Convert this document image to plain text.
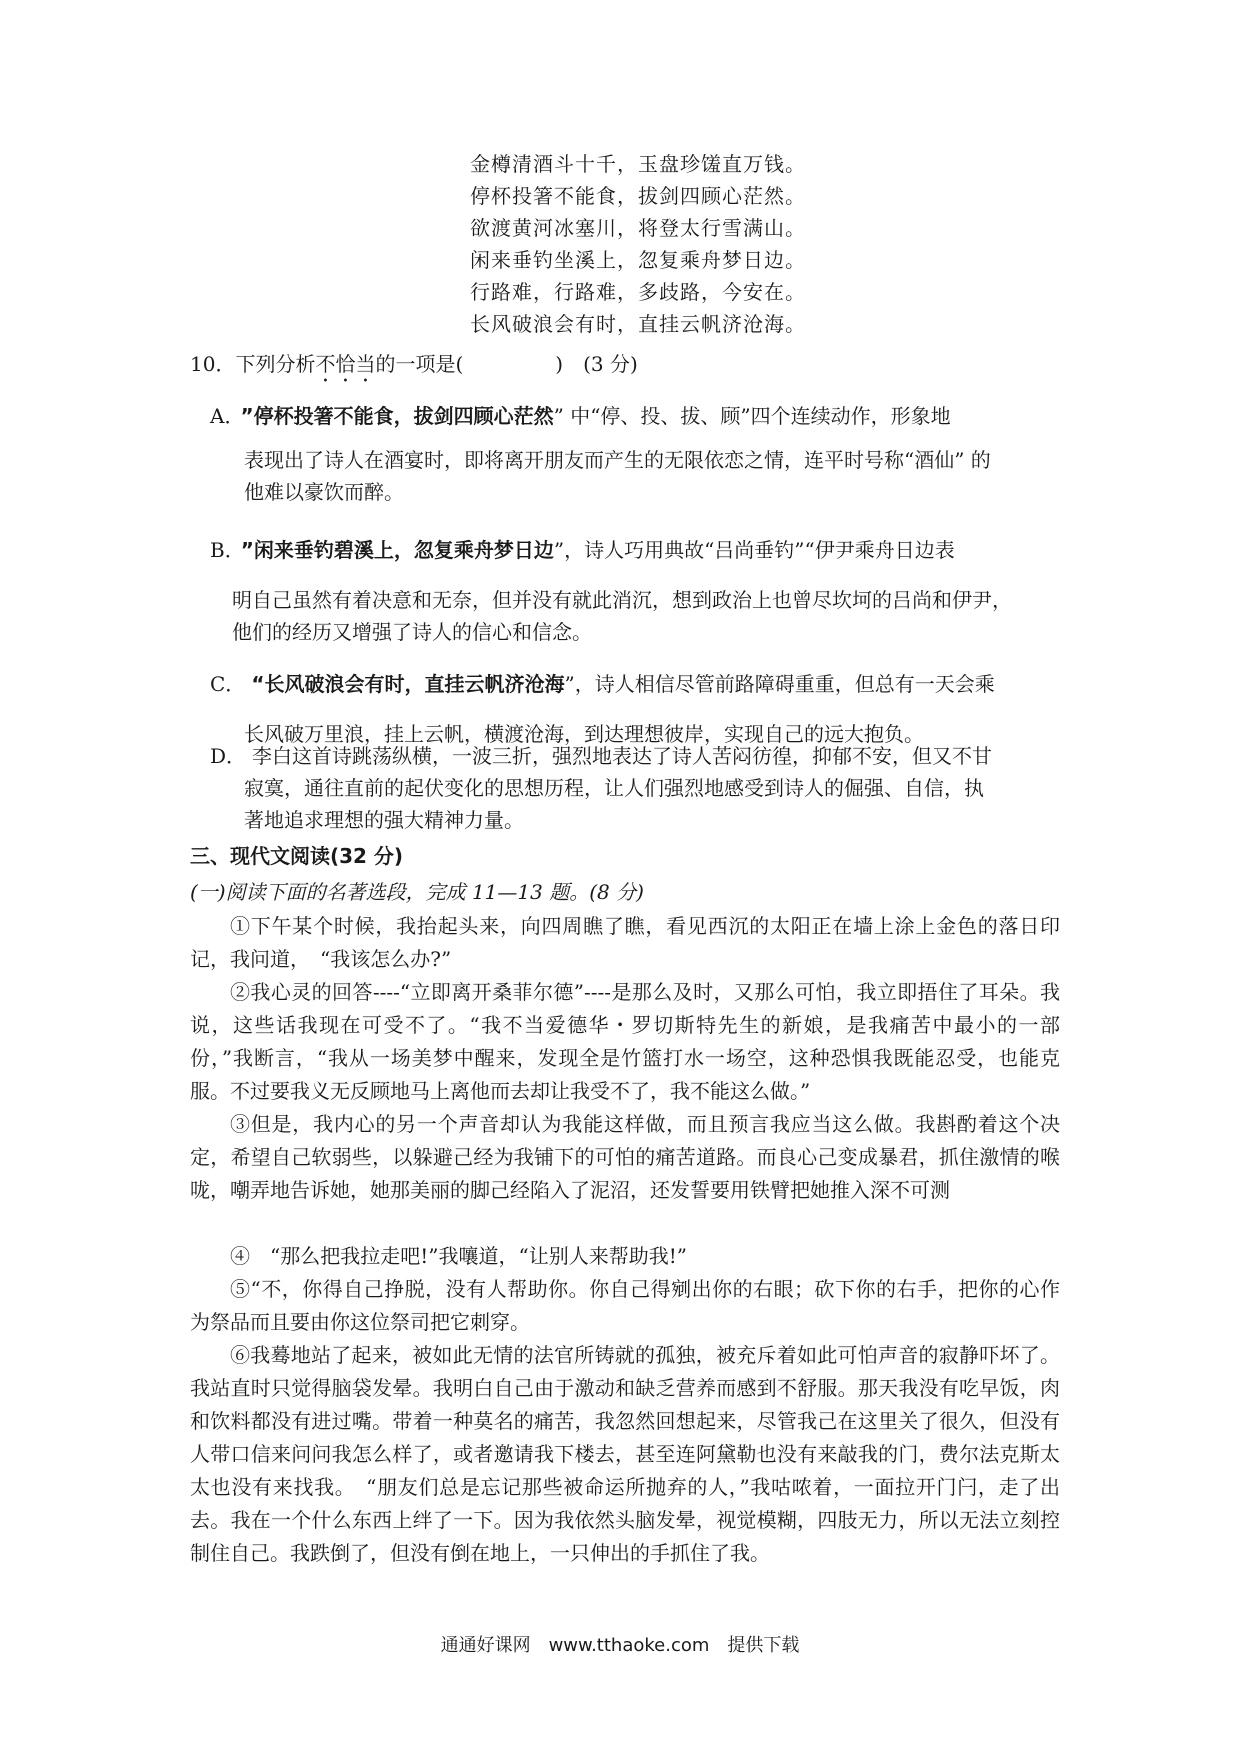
金樽清酒斗十千，玉盘珍馐直万钱。
停杯投箸不能食，拔剑四顾心茫然。
欲渡黄河冰塞川，将登太行雪满山。
闲来垂钓坐溪上，忽复乘舟梦日边。
行路难，行路难，多歧路，今安在。
长风破浪会有时，直挂云帆济沧海。
10．下列分析不恰当的一项是(	)　(3 分)
A． ”停杯投箸不能食，拔剑四顾心茫然” 中“停、投、拔、顾”四个连续动作，形象地
表现出了诗人在酒宴时，即将离开朋友而产生的无限依恋之情，连平时号称“酒仙” 的
他难以豪饮而醉。
B． ”闲来垂钓碧溪上，忽复乘舟梦日边”，诗人巧用典故“吕尚垂钓”“伊尹乘舟日边表
明自己虽然有着决意和无奈，但并没有就此消沉，想到政治上也曾尽坎坷的吕尚和伊尹，
他们的经历又增强了诗人的信心和信念。
C． “长风破浪会有时，直挂云帆济沧海”，诗人相信尽管前路障碍重重，但总有一天会乘
长风破万里浪，挂上云帆，横渡沧海，到达理想彼岸，实现自己的远大抱负。
D． 李白这首诗跳荡纵横，一波三折，强烈地表达了诗人苦闷彷徨，抑郁不安，但又不甘
寂寞，通往直前的起伏变化的思想历程，让人们强烈地感受到诗人的倔强、自信，执
著地追求理想的强大精神力量。
三、现代文阅读(32 分)
(一)阅读下面的名著选段，完成 11—13 题。(8 分)
①下午某个时候，我抬起头来，向四周瞧了瞧，看见西沉的太阳正在墙上涂上金色的落日印记，我问道，　“我该怎么办?”
②我心灵的回答----“立即离开桑菲尔德”----是那么及时，又那么可怕，我立即捂住了耳朵。我说，这些话我现在可受不了。“我不当爱德华・罗切斯特先生的新娘，是我痛苦中最小的一部份，”我断言，“我从一场美梦中醒来，发现全是竹篮打水一场空，这种恐惧我既能忍受，也能克服。不过要我义无反顾地马上离他而去却让我受不了，我不能这么做。”
③但是，我内心的另一个声音却认为我能这样做，而且预言我应当这么做。我斟酌着这个决定，希望自己软弱些，以躲避己经为我铺下的可怕的痛苦道路。而良心己变成暴君，抓住激情的喉咙，嘲弄地告诉她，她那美丽的脚己经陷入了泥沼，还发誓要用铁臂把她推入深不可测
④　“那么把我拉走吧!”我嚷道，“让别人来帮助我!”
⑤“不，你得自己挣脱，没有人帮助你。你自己得剜出你的右眼；砍下你的右手，把你的心作为祭品而且要由你这位祭司把它刺穿。
⑥我蓦地站了起来，被如此无情的法官所铸就的孤独，被充斥着如此可怕声音的寂静吓坏了。我站直时只觉得脑袋发晕。我明白自己由于激动和缺乏营养而感到不舒服。那天我没有吃早饭，肉和饮料都没有进过嘴。带着一种莫名的痛苦，我忽然回想起来，尽管我己在这里关了很久，但没有人带口信来问问我怎么样了，或者邀请我下楼去，甚至连阿黛勒也没有来敲我的门，费尔法克斯太太也没有来找我。　“朋友们总是忘记那些被命运所抛弃的人，”我咕哝着，一面拉开门闩，走了出去。我在一个什么东西上绊了一下。因为我依然头脑发晕，视觉模糊，四肢无力，所以无法立刻控制住自己。我跌倒了，但没有倒在地上，一只伸出的手抓住了我。
通通好课网　www.tthaoke.com　提供下载
